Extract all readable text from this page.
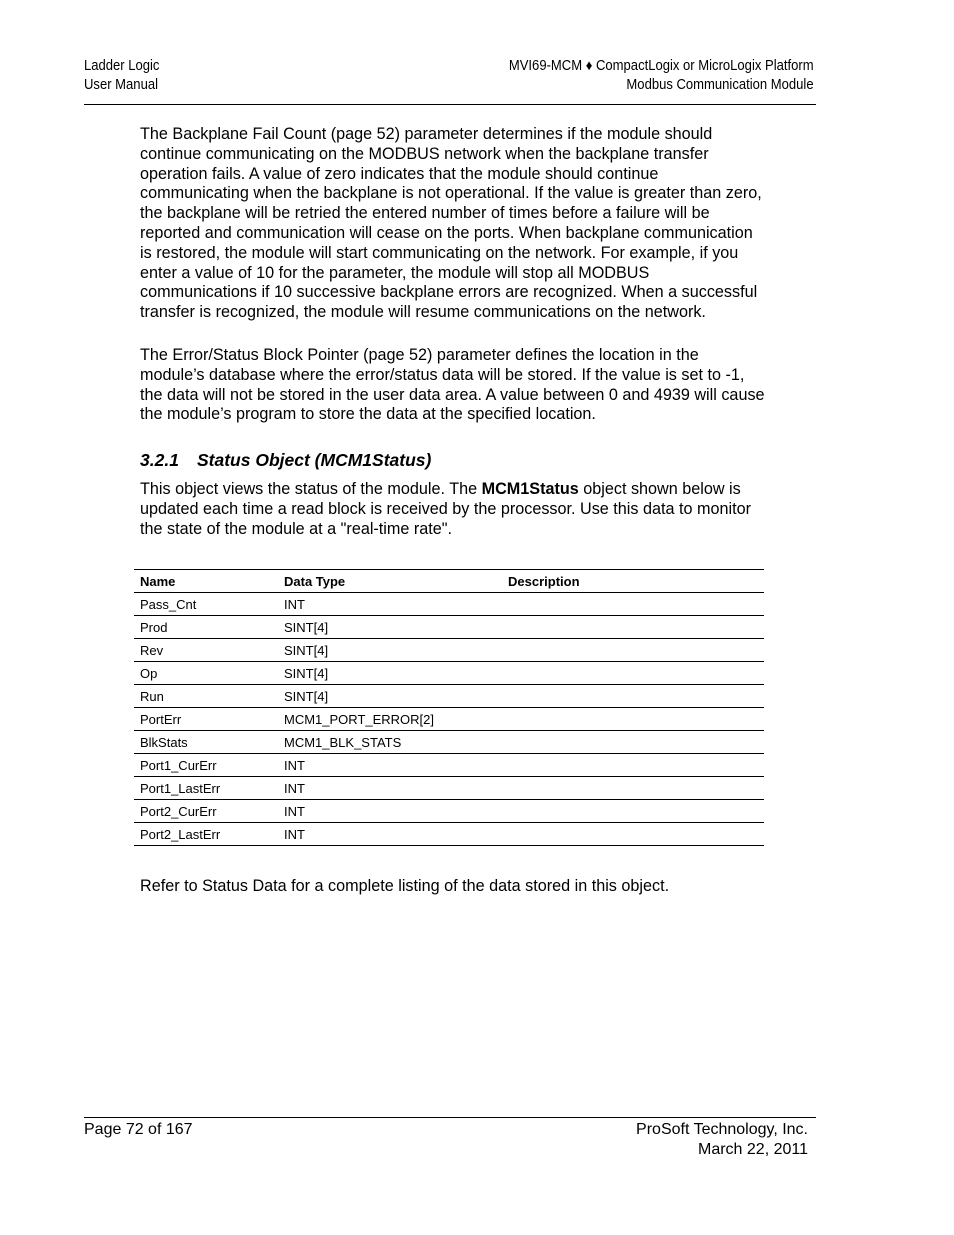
Ladder Logic
User Manual
MVI69-MCM ♦ CompactLogix or MicroLogix Platform
Modbus Communication Module
The Backplane Fail Count (page 52) parameter determines if the module should continue communicating on the MODBUS network when the backplane transfer operation fails. A value of zero indicates that the module should continue communicating when the backplane is not operational. If the value is greater than zero, the backplane will be retried the entered number of times before a failure will be reported and communication will cease on the ports. When backplane communication is restored, the module will start communicating on the network. For example, if you enter a value of 10 for the parameter, the module will stop all MODBUS communications if 10 successive backplane errors are recognized. When a successful transfer is recognized, the module will resume communications on the network.
The Error/Status Block Pointer (page 52) parameter defines the location in the module’s database where the error/status data will be stored. If the value is set to -1, the data will not be stored in the user data area. A value between 0 and 4939 will cause the module’s program to store the data at the specified location.
3.2.1 Status Object (MCM1Status)
This object views the status of the module. The MCM1Status object shown below is updated each time a read block is received by the processor. Use this data to monitor the state of the module at a "real-time rate".
Name	Data Type	Description
Pass_Cnt	INT	
Prod	SINT[4]	
Rev	SINT[4]	
Op	SINT[4]	
Run	SINT[4]	
PortErr	MCM1_PORT_ERROR[2]	
BlkStats	MCM1_BLK_STATS	
Port1_CurErr	INT	
Port1_LastErr	INT	
Port2_CurErr	INT	
Port2_LastErr	INT	
Refer to Status Data for a complete listing of the data stored in this object.
Page 72 of 167	ProSoft Technology, Inc.
March 22, 2011
